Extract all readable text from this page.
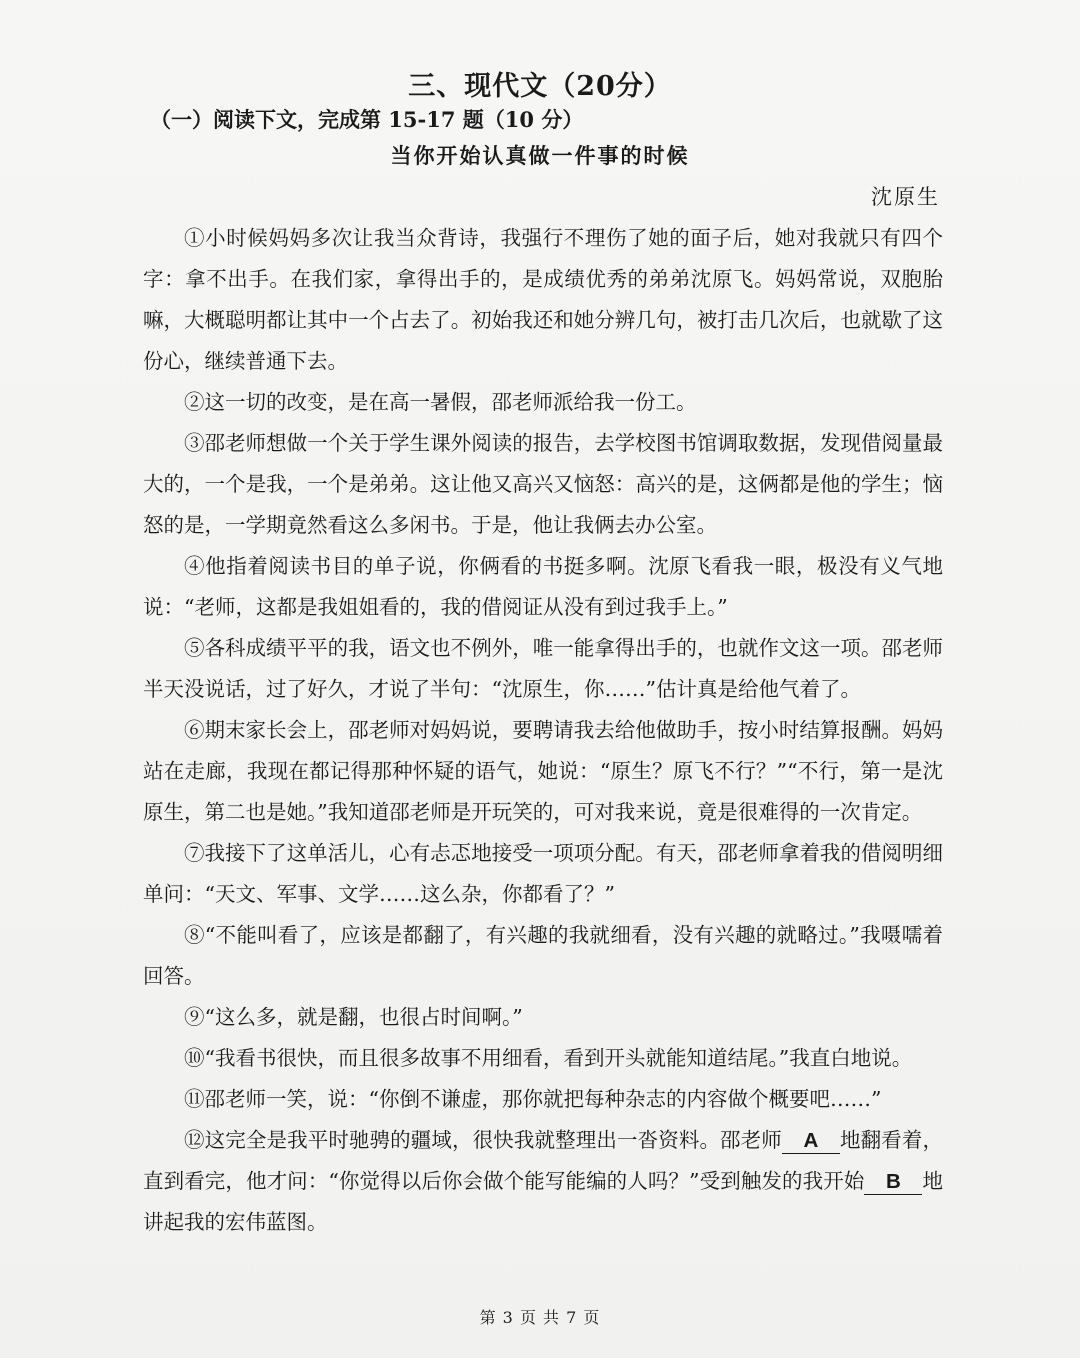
三、现代文（20分）
（一）阅读下文，完成第 15-17 题（10 分）
当你开始认真做一件事的时候
沈原生

①小时候妈妈多次让我当众背诗，我强行不理伤了她的面子后，她对我就只有四个字：拿不出手。在我们家，拿得出手的，是成绩优秀的弟弟沈原飞。妈妈常说，双胞胎嘛，大概聪明都让其中一个占去了。初始我还和她分辨几句，被打击几次后，也就歇了这份心，继续普通下去。

②这一切的改变，是在高一暑假，邵老师派给我一份工。

③邵老师想做一个关于学生课外阅读的报告，去学校图书馆调取数据，发现借阅量最大的，一个是我，一个是弟弟。这让他又高兴又恼怒：高兴的是，这俩都是他的学生；恼怒的是，一学期竟然看这么多闲书。于是，他让我俩去办公室。

④他指着阅读书目的单子说，你俩看的书挺多啊。沈原飞看我一眼，极没有义气地说：“老师，这都是我姐姐看的，我的借阅证从没有到过我手上。”

⑤各科成绩平平的我，语文也不例外，唯一能拿得出手的，也就作文这一项。邵老师半天没说话，过了好久，才说了半句：“沈原生，你……”估计真是给他气着了。

⑥期末家长会上，邵老师对妈妈说，要聘请我去给他做助手，按小时结算报酬。妈妈站在走廊，我现在都记得那种怀疑的语气，她说：“原生？原飞不行？”“不行，第一是沈原生，第二也是她。”我知道邵老师是开玩笑的，可对我来说，竟是很难得的一次肯定。

⑦我接下了这单活儿，心有忐忑地接受一项项分配。有天，邵老师拿着我的借阅明细单问：“天文、军事、文学……这么杂，你都看了？”

⑧“不能叫看了，应该是都翻了，有兴趣的我就细看，没有兴趣的就略过。”我嗫嚅着回答。

⑨“这么多，就是翻，也很占时间啊。”

⑩“我看书很快，而且很多故事不用细看，看到开头就能知道结尾。”我直白地说。

⑪邵老师一笑，说：“你倒不谦虚，那你就把每种杂志的内容做个概要吧……”

⑫这完全是我平时驰骋的疆域，很快我就整理出一沓资料。邵老师 A 地翻看着，直到看完，他才问：“你觉得以后你会做个能写能编的人吗？”受到触发的我开始 B 地讲起我的宏伟蓝图。

第 3 页 共 7 页
